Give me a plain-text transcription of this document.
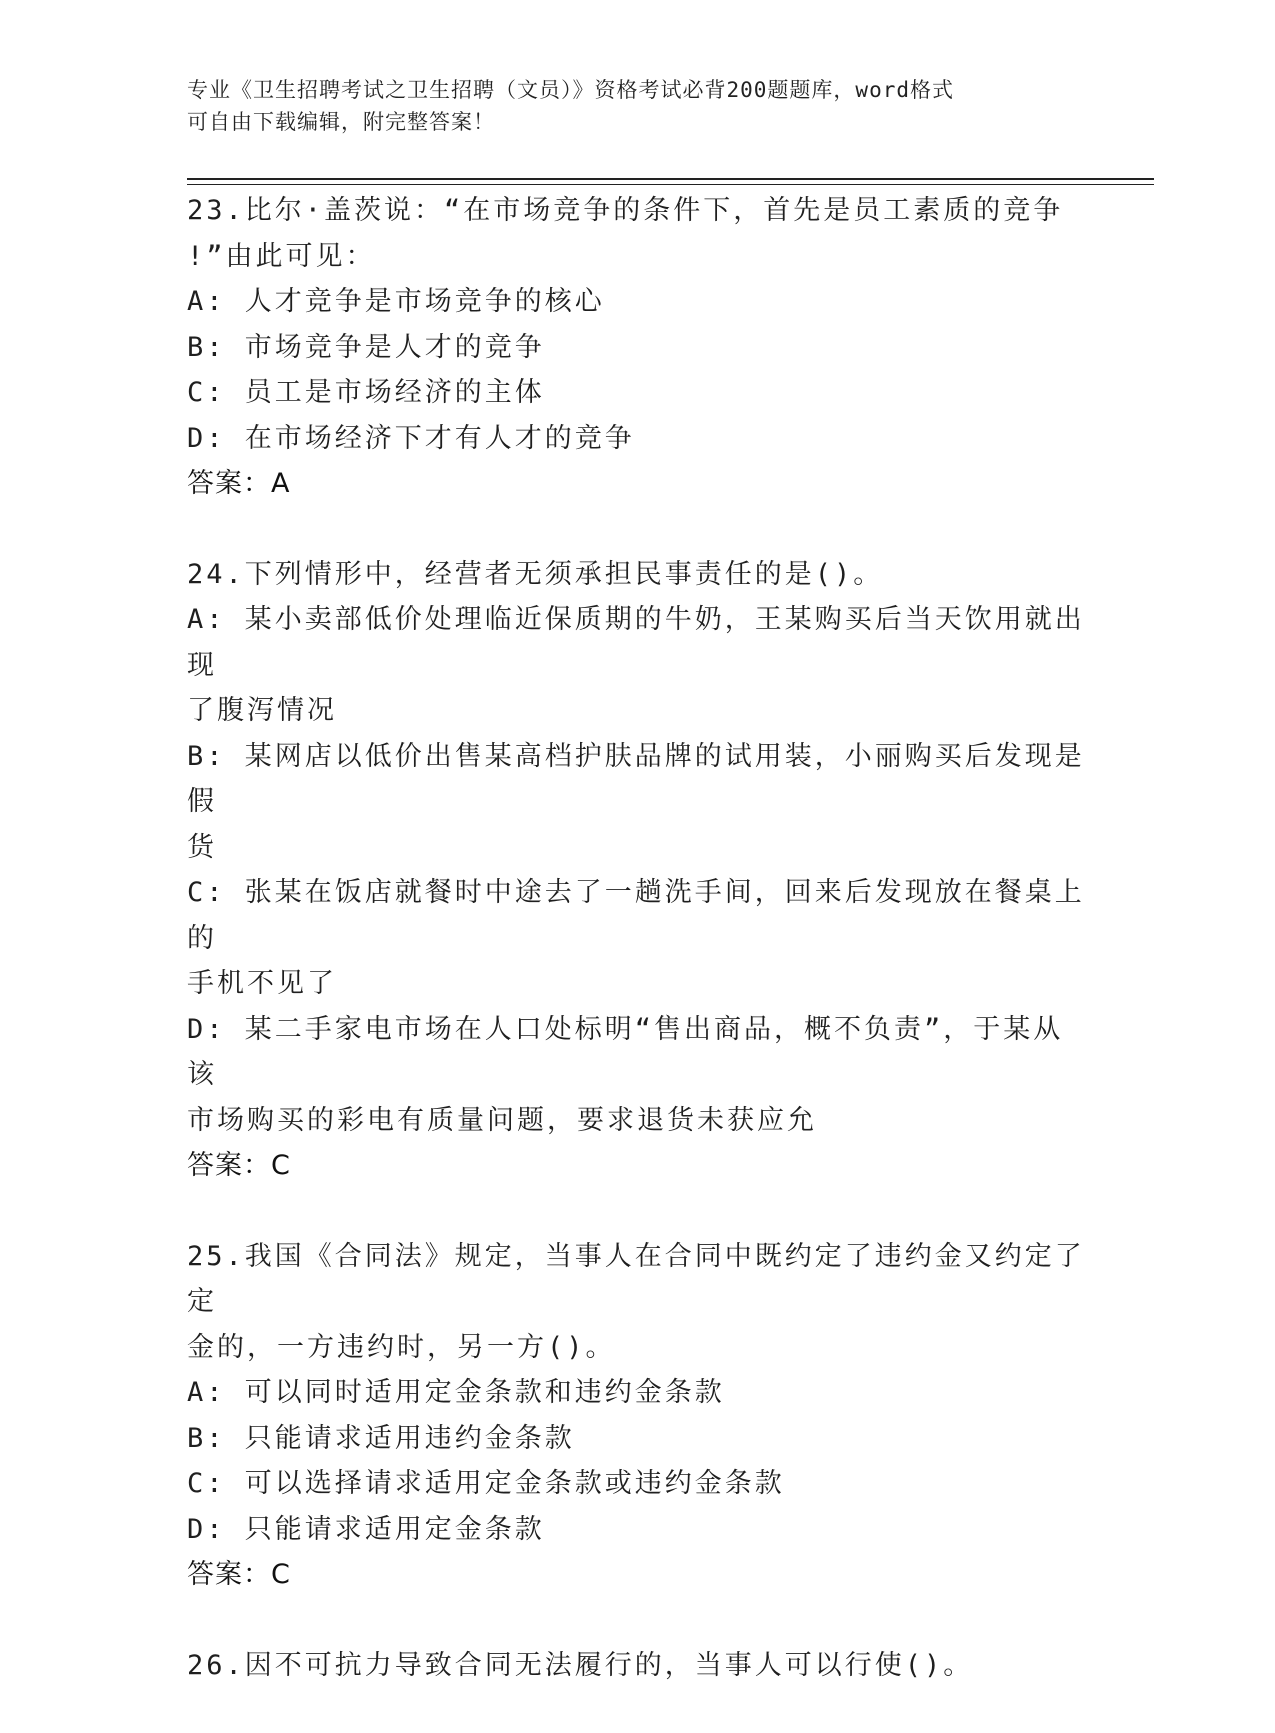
专业《卫生招聘考试之卫生招聘（文员）》资格考试必背200题题库，word格式
可自由下载编辑，附完整答案！
23.比尔·盖茨说：“在市场竞争的条件下，首先是员工素质的竞争
!”由此可见：
A: 人才竞争是市场竞争的核心
B: 市场竞争是人才的竞争
C: 员工是市场经济的主体
D: 在市场经济下才有人才的竞争
答案：A
24.下列情形中，经营者无须承担民事责任的是()。
A: 某小卖部低价处理临近保质期的牛奶，王某购买后当天饮用就出现
了腹泻情况
B: 某网店以低价出售某高档护肤品牌的试用装，小丽购买后发现是假
货
C: 张某在饭店就餐时中途去了一趟洗手间，回来后发现放在餐桌上的
手机不见了
D: 某二手家电市场在人口处标明“售出商品，概不负责”，于某从该
市场购买的彩电有质量问题，要求退货未获应允
答案：C
25.我国《合同法》规定，当事人在合同中既约定了违约金又约定了定
金的，一方违约时，另一方()。
A: 可以同时适用定金条款和违约金条款
B: 只能请求适用违约金条款
C: 可以选择请求适用定金条款或违约金条款
D: 只能请求适用定金条款
答案：C
26.因不可抗力导致合同无法履行的，当事人可以行使()。
